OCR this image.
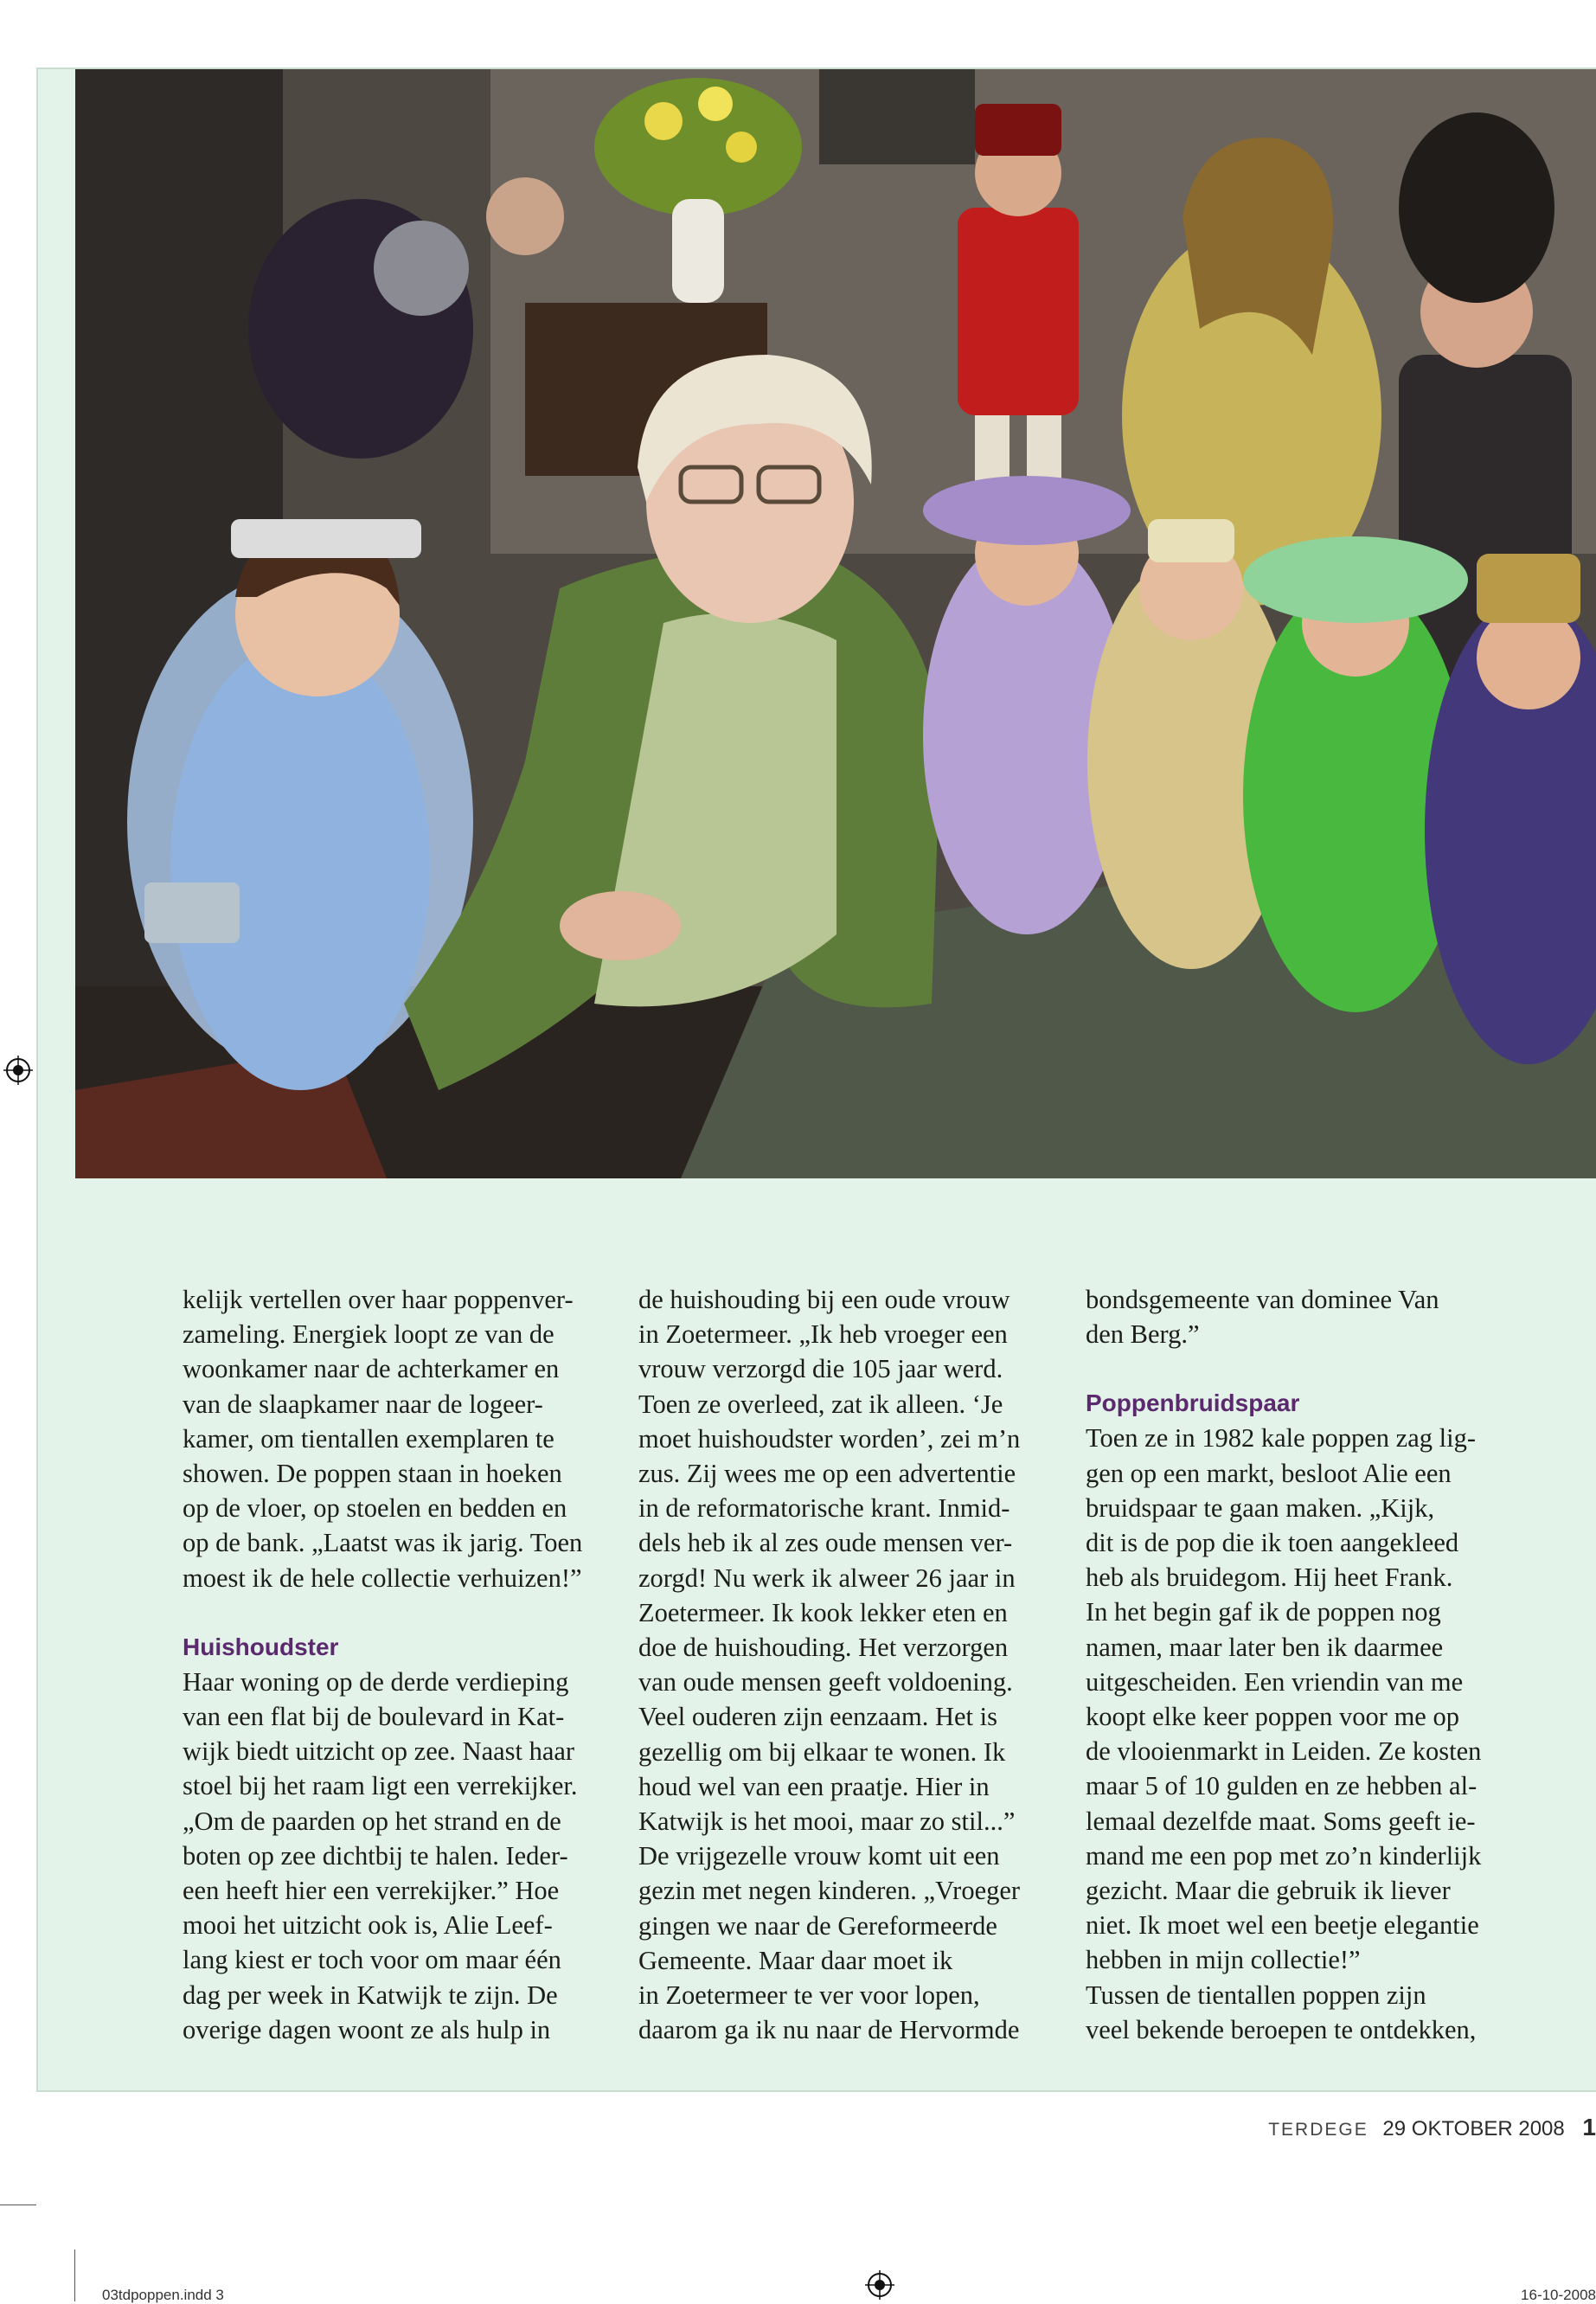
kelijk vertellen over haar poppenver-
zameling. Energiek loopt ze van de
woonkamer naar de achterkamer en
van de slaapkamer naar de logeer-
kamer, om tientallen exemplaren te
showen. De poppen staan in hoeken
op de vloer, op stoelen en bedden en
op de bank. „Laatst was ik jarig. Toen
moest ik de hele collectie verhuizen!”

Huishoudster

Haar woning op de derde verdieping
van een flat bij de boulevard in Kat-
wijk biedt uitzicht op zee. Naast haar
stoel bij het raam ligt een verrekijker.
„Om de paarden op het strand en de
boten op zee dichtbij te halen. Ieder-
een heeft hier een verrekijker.” Hoe
mooi het uitzicht ook is, Alie Leef-
lang kiest er toch voor om maar één
dag per week in Katwijk te zijn. De
overige dagen woont ze als hulp in

de huishouding bij een oude vrouw
in Zoetermeer. „Ik heb vroeger een
vrouw verzorgd die 105 jaar werd.
Toen ze overleed, zat ik alleen. ‘Je
moet huishoudster worden’, zei m’n
zus. Zij wees me op een advertentie
in de reformatorische krant. Inmid-
dels heb ik al zes oude mensen ver-
zorgd! Nu werk ik alweer 26 jaar in
Zoetermeer. Ik kook lekker eten en
doe de huishouding. Het verzorgen
van oude mensen geeft voldoening.
Veel ouderen zijn eenzaam. Het is
gezellig om bij elkaar te wonen. Ik
houd wel van een praatje. Hier in
Katwijk is het mooi, maar zo stil...”
De vrijgezelle vrouw komt uit een
gezin met negen kinderen. „Vroeger
gingen we naar de Gereformeerde
Gemeente. Maar daar moet ik
in Zoetermeer te ver voor lopen,
daarom ga ik nu naar de Hervormde

bondsgemeente van dominee Van
den Berg.”

Poppenbruidspaar

Toen ze in 1982 kale poppen zag lig-
gen op een markt, besloot Alie een
bruidspaar te gaan maken. „Kijk,
dit is de pop die ik toen aangekleed
heb als bruidegom. Hij heet Frank.
In het begin gaf ik de poppen nog
namen, maar later ben ik daarmee
uitgescheiden. Een vriendin van me
koopt elke keer poppen voor me op
de vlooienmarkt in Leiden. Ze kosten
maar 5 of 10 gulden en ze hebben al-
lemaal dezelfde maat. Soms geeft ie-
mand me een pop met zo’n kinderlijk
gezicht. Maar die gebruik ik liever
niet. Ik moet wel een beetje elegantie
hebben in mijn collectie!”
Tussen de tientallen poppen zijn
veel bekende beroepen te ontdekken,

TERDEGE 29 OKTOBER 2008 1
03tdpoppen.indd 3	16-10-2008
